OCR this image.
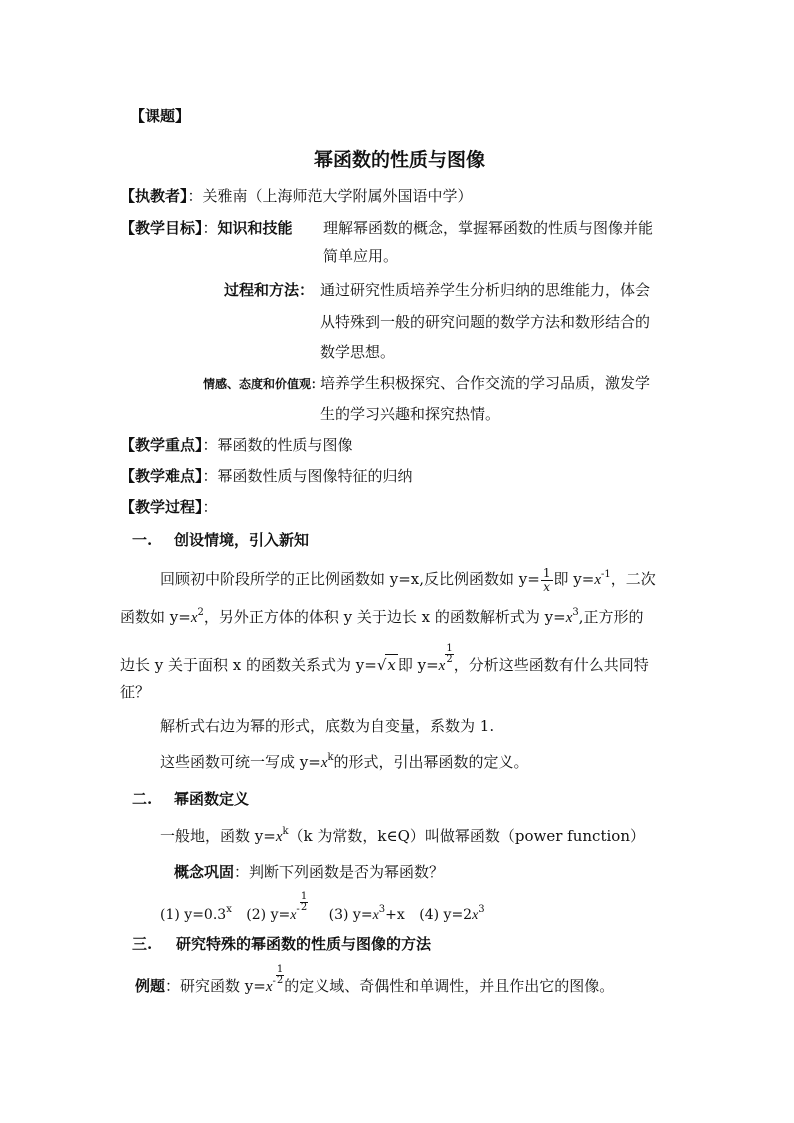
【课题】
幂函数的性质与图像
【执教者】：关雅南（上海师范大学附属外国语中学）
【教学目标】：知识和技能 理解幂函数的概念，掌握幂函数的性质与图像并能
简单应用。
过程和方法： 通过研究性质培养学生分析归纳的思维能力，体会
从特殊到一般的研究问题的数学方法和数形结合的
数学思想。
情感、态度和价值观：
培养学生积极探究、合作交流的学习品质，激发学
生的学习兴趣和探究热情。
【教学重点】：幂函数的性质与图像
【教学难点】：幂函数性质与图像特征的归纳
【教学过程】：
一. 创设情境，引入新知
回顾初中阶段所学的正比例函数如 y=x,反比例函数如 $y= \frac{1}{x}$ 即 $y=x^{-1}$，二次
函数如 $y=x^2$，另外正方体的体积 y 关于边长 x 的函数解析式为 $y=x^3$,正方形的
边长 y 关于面积 x 的函数关系式为 y=√x 即 y=x
$\frac{1}{2}$
，分析这些函数有什么共同特
征？
解析式右边为幂的形式，底数为自变量，系数为 1.
这些函数可统一写成 $y=x^k$的形式，引出幂函数的定义。
二. 幂函数定义
一般地，函数 $y=x^k(k$ 为常数，k∈Q）叫做幂函数（power function）
概念巩固：判断下列函数是否为幂函数？
(1) $y=0.3^x$ (2) $y=x^- \frac{1}{2}$
(3) $y=x^3+x$ (4) $y=2x^3$
三. 研究特殊的幂函数的性质与图像的方法
例题：研究函数 $y=x^- \frac{1}{2}$
的定义域、奇偶性和单调性，并且作出它的图像。
